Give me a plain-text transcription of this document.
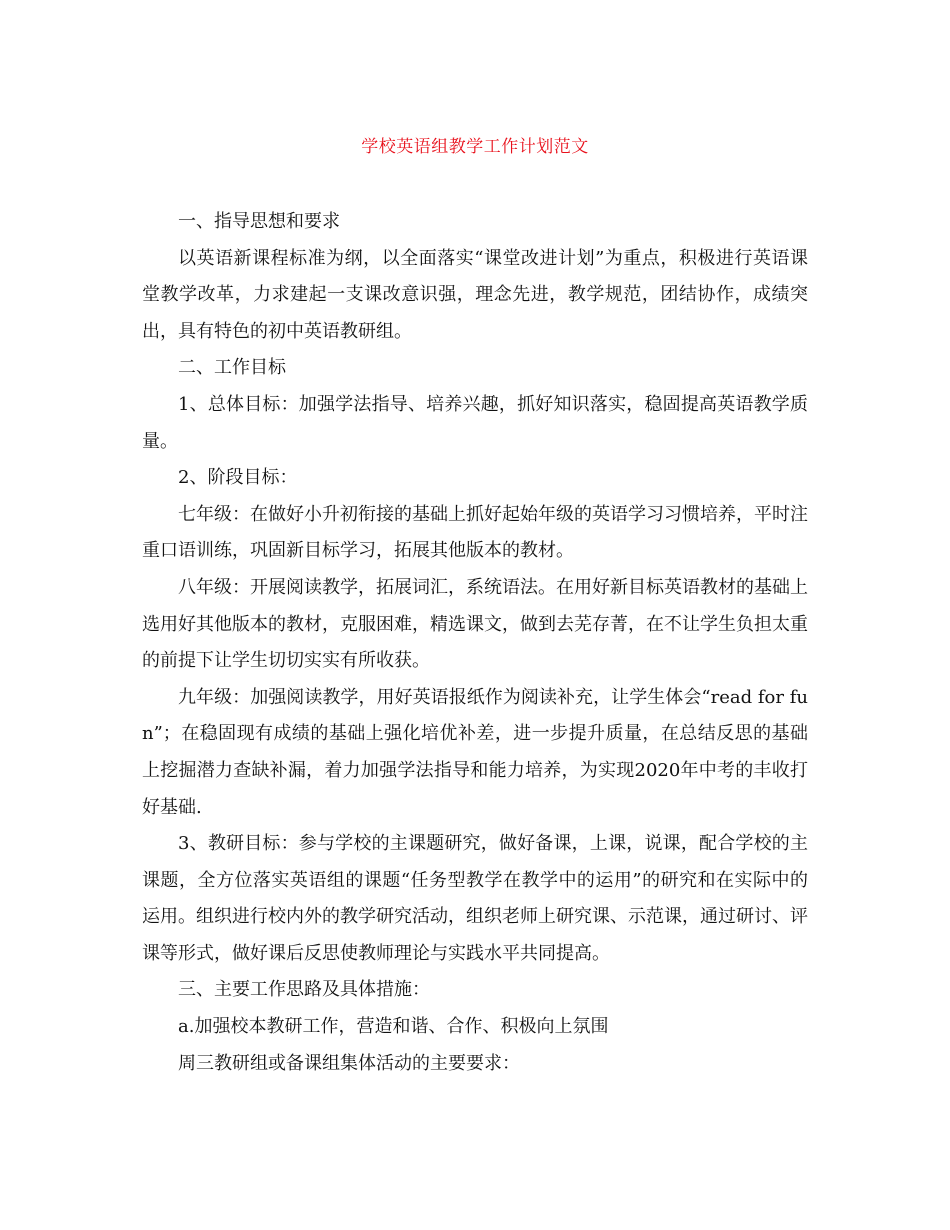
学校英语组教学工作计划范文

一、指导思想和要求

以英语新课程标准为纲，以全面落实“课堂改进计划”为重点，积极进行英语课堂教学改革，力求建起一支课改意识强，理念先进，教学规范，团结协作，成绩突出，具有特色的初中英语教研组。

二、工作目标

1、总体目标：加强学法指导、培养兴趣，抓好知识落实，稳固提高英语教学质量。

2、阶段目标：

七年级：在做好小升初衔接的基础上抓好起始年级的英语学习习惯培养，平时注重口语训练，巩固新目标学习，拓展其他版本的教材。

八年级：开展阅读教学，拓展词汇，系统语法。在用好新目标英语教材的基础上选用好其他版本的教材，克服困难，精选课文，做到去芜存菁，在不让学生负担太重的前提下让学生切切实实有所收获。

九年级：加强阅读教学，用好英语报纸作为阅读补充，让学生体会“read for fun”；在稳固现有成绩的基础上强化培优补差，进一步提升质量，在总结反思的基础上挖掘潜力查缺补漏，着力加强学法指导和能力培养，为实现2020年中考的丰收打好基础.

3、教研目标：参与学校的主课题研究，做好备课，上课，说课，配合学校的主课题，全方位落实英语组的课题“任务型教学在教学中的运用”的研究和在实际中的运用。组织进行校内外的教学研究活动，组织老师上研究课、示范课，通过研讨、评课等形式，做好课后反思使教师理论与实践水平共同提高。

三、主要工作思路及具体措施：

a.加强校本教研工作，营造和谐、合作、积极向上氛围

周三教研组或备课组集体活动的主要要求：
